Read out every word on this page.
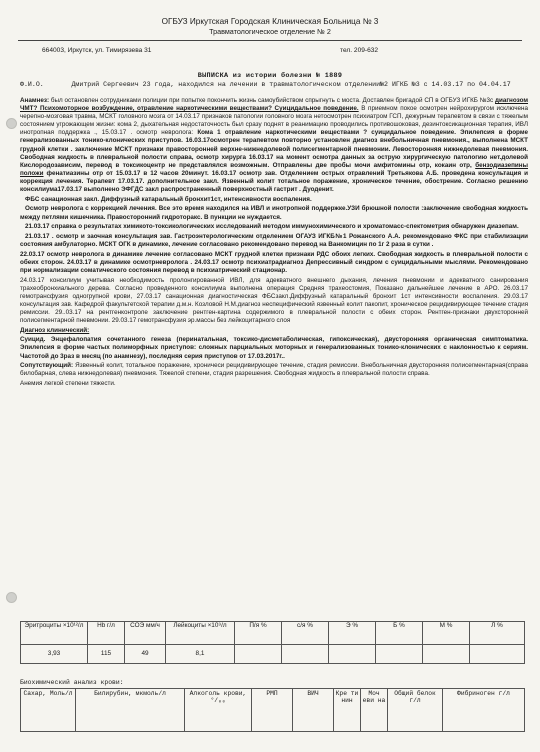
ОГБУЗ Иркутская Городская Клиническая Больница № 3
Травматологическое отделение № 2
664003, Иркутск, ул. Тимирязева 31	тел. 209-632
ВЫПИСКА из истории болезни № 1889
Ф.И.О.	Дмитрий Сергеевич 23 года, находился на лечении в травматологическом отделении№2 ИГКБ №3 с 14.03.17 по 04.04.17

Анамнез: был остановлен сотрудниками полиции при попытке покончить жизнь самоубийством спрыгнуть с моста. Доставлен бригадой СП в ОГБУЗ ИГКБ №3с диагнозом ЧМТ? Психомоторное возбуждение, отравление наркотическими веществами? Суицидальное поведение. В приемном покое осмотрен нейрохирургом исключена черепно-мозговая травма, МСКТ головного мозга от 14.03.17 признаков патологии головного мозга нетосмотрен психиатром ГСП, дежурным терапевтом в связи с тяжелым состоянием угрожающем жизни: кома 2, дыхательная недостаточность был сразу поднят в реанимацию проводились противошоковая, дезинтоксикационная терапия, ИВЛ инотропная поддержка ., 15.03.17 . осмотр невролога: Кома 1 отравление наркотическими веществами ? суицидальное поведение. Эпилепсия в форме генерализованных тонико-клонических приступов. 16.03.17осмотрен терапевтом повторно установлен диагноз внебольничная пневмония., выполнена МСКТ грудной клетки . заключение МСКТ признаки правосторонней верхне-нижнедолевой полисегментарной пневмонии. Левосторонняя нижнедолевая пневмония. Свободная жидкость в плевральной полости справа, осмотр хирурга 16.03.17 на момент осмотра данных за острую хирургическую патологию нет.долевой Кислородозависим, перевод в токсикоцентр не представлялся возможным. Отправлены две пробы мочи амфитомины отр, кокаин отр, бензодиазепины положи фенатиазины отр от 15.03.17 в 12 часов 20минут. 16.03.17 осмотр зав. Отделением острых отравлений Третьякова А.Б. проведена консультация и коррекция лечения. Терапевт 17.03.17. дополнительное закл. Язвенный колит тотальное поражение, хроническое течение, обострение. Согласно решению консилиума17.03.17 выполнено ЭФГДС закл распространенный поверхностный гастрит . Дуоденит.

ФБС санационная закл. Диффузный катаральный бронхит1ст, интенсивности воспаления.

Осмотр невролога с коррекцией лечения. Все это время находился на ИВЛ и инотропной поддержке.УЗИ брюшной полости :заключение свободная жидкость между петлями кишечника. Правосторонний гидроторакс. В пункции не нуждается.

21.03.17 справка о результатах химикото-токсикологических исследований методом иммунохимического и хроматомасс-спектометрия обнаружен диазепам.

21.03.17 . осмотр и заочная консультация зав. Гастроэнтерологическим отделением ОГАУЗ ИГКБ№1 Рожанского А.А. рекомендовано ФКС при стабилизации состояния амбулаторно. МСКТ ОГК в динамике, лечение согласовано рекомендовано перевод на Ванкомицин по 1г 2 раза в сутки .

22.03.17 осмотр невролога в динамике лечение согласовано МСКТ грудной клетки признаки РДС обоих легких. Свободная жидкость в плевральной полости с обеих сторон. 24.03.17 в динамике осмотрневролога . 24.03.17 осмотр психиатрадиагноз Депрессивный синдром с суицидальными мыслями. Рекомендовано при нормализации соматического состояния перевод в психиатрический стационар.

24.03.17 консилиум учитывая необходимость пролонгированной ИВЛ, для адекватного внешнего дыхания, лечения пневмонии и адекватного санирования трахеобронхиального дерева. Согласно проведенного консилиума выполнена операция Средняя трахеостомия, Показано дальнейшее лечение в АРО. 26.03.17 гемотрансфузия одногрупной крови, 27.03.17 санационная диагностическая ФБСзакл.Диффузный катаральный бронхит 1ст интенсивности воспаления. 29.03.17 консультация зав. Кафедрой факультетской терапии д.м.н. Козловой Н.М.диагноз неспецифический язвенный колит пакопит, хроническое рецидивирующее течение стадия ремиссии. 29..03.17 на рентгенконтроле заключение рентген-картина содержимого в плевральной полости с обеих сторон. Рентген-признаки двухсторонней полисегментарной пневмонии. 29.03.17 гемотрансфузия эр.массы без лейкоцитарного слоя

Диагноз клинический:

Суицид. Энцефалопатия сочетанного генеза (перинатальная, токсико-дисметаболическая, гипоксическая), двусторонняя органическая симптоматика. Эпилепсия в форме частых полиморфных приступов: сложных парциальных моторных и генерализованных тонико-клонических с наклонностью к сериям. Частотой до 3раз в месяц (по анамнезу), последняя серия приступов от 17.03.2017г..

Сопутствующий: Язвенный колит, тотальное поражение, хроничеси рецидивирующее течение, стадия ремиссии. Внебольничная двусторонняя полисегментарная(справа билобарная, слева нижнедолевая) пневмония. Тяжелой степени, стадия разрешения. Свободная жидкость в плевральной полости справа.

Анемия легкой степени тяжести.

Эритроциты ×10¹²/л	Hb г/л	СОЭ мм/ч	Лейкоциты ×10⁹/л	П/я %	с/я %	Э %	Б %	М %	Л %
3,93	115	49	8,1						
Биохимический анализ крови:
Сахар, Моль/л	Билирубин, мкмоль/л	Алкоголь крови, °/₀₀	РМП	ВИЧ	Кре ти нин	Моч еви на	Общий белок г/л	Фибриноген г/л
